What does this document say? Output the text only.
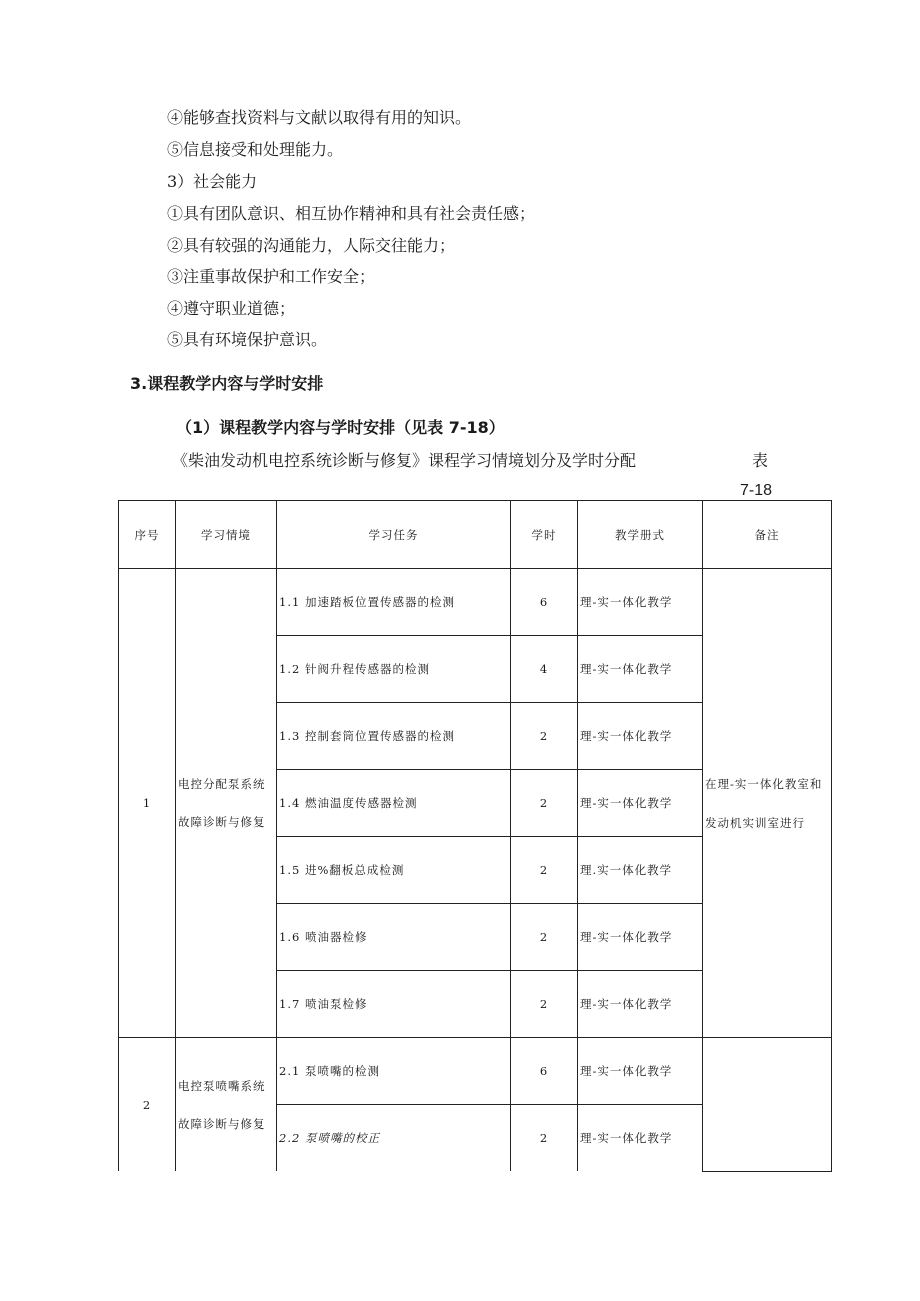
④能够查找资料与文献以取得有用的知识。
⑤信息接受和处理能力。
3）社会能力
①具有团队意识、相互协作精神和具有社会责任感；
②具有较强的沟通能力，人际交往能力；
③注重事故保护和工作安全；
④遵守职业道德；
⑤具有环境保护意识。
3.课程教学内容与学时安排
（1）课程教学内容与学时安排（见表 7-18）
《柴油发动机电控系统诊断与修复》课程学习情境划分及学时分配	表
7-18
序号	学习情境	学习任务	学时	教学册式	备注
1	电控分配泵系统故障诊断与修复	1.1 加速踏板位置传感器的检测	6	理-实一体化教学	在理-实一体化教室和发动机实训室进行

		1.2 针阀升程传感器的检测	4	理-实一体化教学	
		1.3 控制套筒位置传感器的检测	2	理-实一体化教学	
		1.4 燃油温度传感器检测	2	理-实一体化教学	
		1.5 进%翻板总成检测	2	理.实一体化教学	
		1.6 喷油器检修	2	理-实一体化教学	
		1.7 喷油泵检修	2	理-实一体化教学	
2	电控泵喷嘴系统故障诊断与修复	2.1 泵喷嘴的检测	6	理-实一体化教学	
		2.2 泵喷嘴的校正	2	理-实一体化教学	
